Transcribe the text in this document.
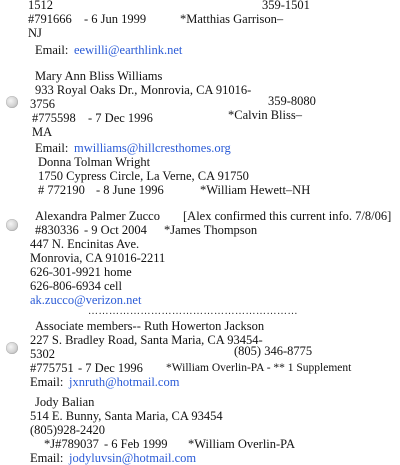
1512	359-1501
#791666 - 6 Jun 1999	*Matthias Garrison–
NJ
Email: eewilli@earthlink.net
Mary Ann Bliss Williams
933 Royal Oaks Dr., Monrovia, CA 91016-
3756	359-8080
#775598 - 7 Dec 1996	*Calvin Bliss–
MA
Email: mwilliams@hillcresthomes.org
Donna Tolman Wright
1750 Cypress Circle, La Verne, CA 91750
# 772190 - 8 June 1996	*William Hewett–NH
Alexandra Palmer Zucco [Alex confirmed this current info. 7/8/06]
#830336 - 9 Oct 2004 *James Thompson
447 N. Encinitas Ave.
Monrovia, CA 91016-2211
626-301-9921 home
626-806-6934 cell
ak.zucco@verizon.net
……………………………………………………
Associate members-- Ruth Howerton Jackson
227 S. Bradley Road, Santa Maria, CA 93454-
5302	(805) 346-8775
#775751 - 7 Dec 1996 *William Overlin-PA - ** 1 Supplement
Email: jxnruth@hotmail.com
Jody Balian
514 E. Bunny, Santa Maria, CA 93454
(805)928-2420
*J#789037 - 6 Feb 1999 *William Overlin-PA
Email: jodyluvsin@hotmail.com
